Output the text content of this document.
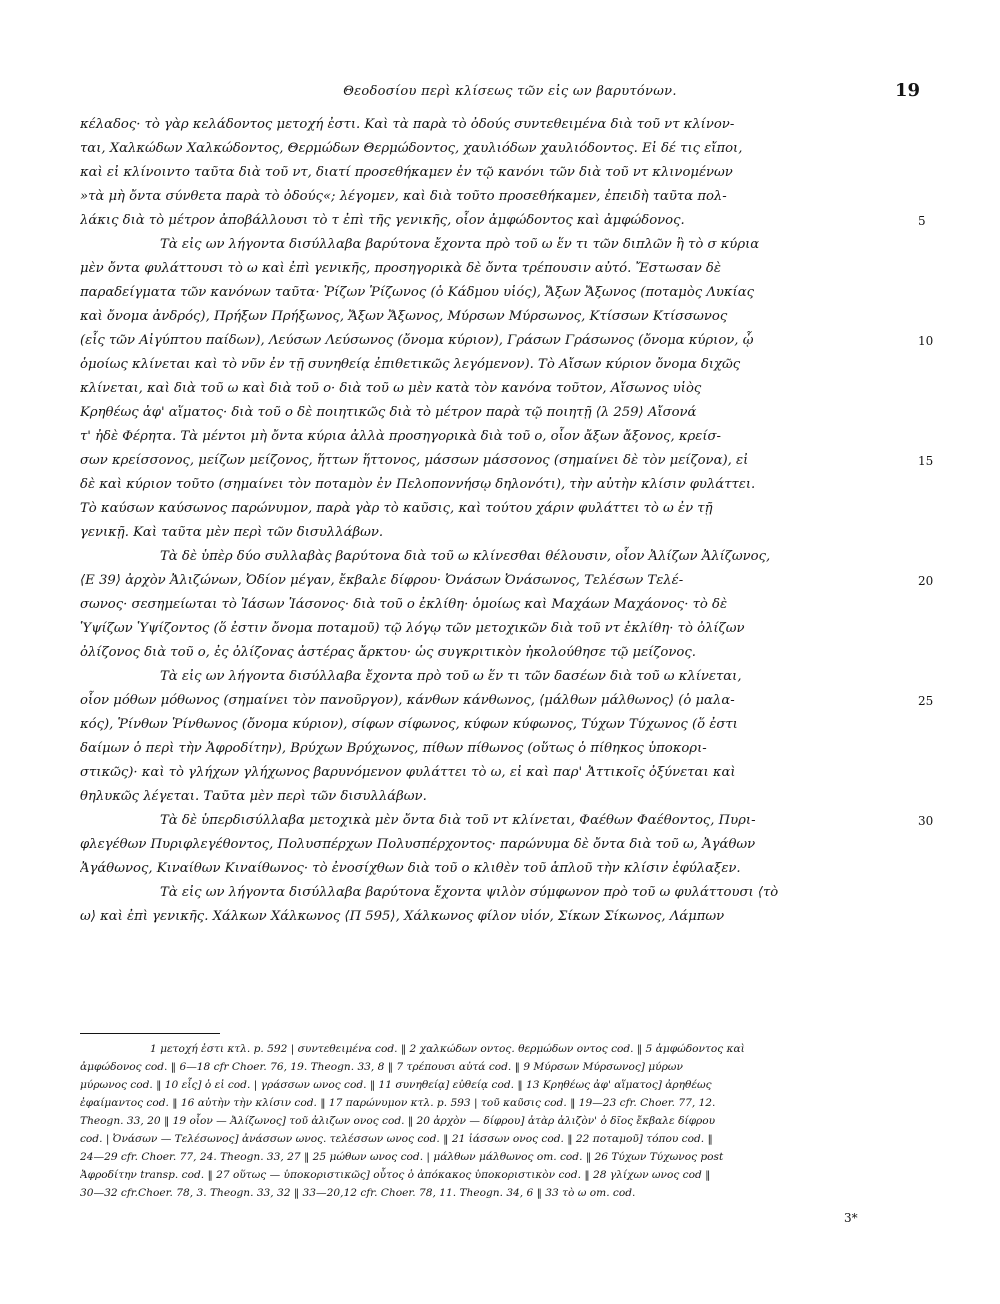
Θεοδοσίου περὶ κλίσεως τῶν εἰς ων βαρυτόνων.	19
κέλαδος· τὸ γὰρ κελάδοντος μετοχή ἐστι. Καὶ τὰ παρὰ τὸ ὀδούς συντεθειμένα διὰ τοῦ ντ κλίνον-
ται, Χαλκώδων Χαλκώδοντος, Θερμώδων Θερμώδοντος, χαυλιόδων χαυλιόδοντος. Εἰ δέ τις εἴποι,
καὶ εἰ κλίνοιντο ταῦτα διὰ τοῦ ντ, διατί προσεθήκαμεν ἐν τῷ κανόνι τῶν διὰ τοῦ ντ κλινομένων
»τὰ μὴ ὄντα σύνθετα παρὰ τὸ ὀδούς«; λέγομεν, καὶ διὰ τοῦτο προσεθήκαμεν, ἐπειδὴ ταῦτα πολ-
λάκις διὰ τὸ μέτρον ἀποβάλλουσι τὸ τ ἐπὶ τῆς γενικῆς, οἷον ἀμφώδοντος καὶ ἀμφώδονος.
Τὰ εἰς ων λήγοντα δισύλλαβα βαρύτονα ἔχοντα πρὸ τοῦ ω ἕν τι τῶν διπλῶν ἢ τὸ σ κύρια
μὲν ὄντα φυλάττουσι τὸ ω καὶ ἐπὶ γενικῆς, προσηγορικὰ δὲ ὄντα τρέπουσιν αὐτό. Ἔστωσαν δὲ
παραδείγματα τῶν κανόνων ταῦτα· Ῥίζων Ῥίζωνος (ὁ Κάδμου υἱός), Ἄξων Ἄξωνος (ποταμὸς Λυκίας
καὶ ὄνομα ἀνδρός), Πρήξων Πρήξωνος, Ἄξων Ἄξωνος, Μύρσων Μύρσωνος, Κτίσσων Κτίσσωνος
(εἷς τῶν Αἰγύπτου παίδων), Λεύσων Λεύσωνος (ὄνομα κύριον), Γράσων Γράσωνος (ὄνομα κύριον, ᾧ
ὁμοίως κλίνεται καὶ τὸ νῦν ἐν τῇ συνηθείᾳ ἐπιθετικῶς λεγόμενον). Τὸ Αἴσων κύριον ὄνομα διχῶς
κλίνεται, καὶ διὰ τοῦ ω καὶ διὰ τοῦ ο· διὰ τοῦ ω μὲν κατὰ τὸν κανόνα τοῦτον, Αἴσωνος υἱὸς
Κρηθέως ἀφ' αἵματος· διὰ τοῦ ο δὲ ποιητικῶς διὰ τὸ μέτρον παρὰ τῷ ποιητῇ ⟨λ 259⟩ Αἴσονά
τ' ἠδὲ Φέρητα. Τὰ μέντοι μὴ ὄντα κύρια ἀλλὰ προσηγορικὰ διὰ τοῦ ο, οἷον ἄξων ἄξονος, κρείσ-
σων κρείσσονος, μείζων μείζονος, ἥττων ἥττονος, μάσσων μάσσονος (σημαίνει δὲ τὸν μείζονα), εἰ
δὲ καὶ κύριον τοῦτο (σημαίνει τὸν ποταμὸν ἐν Πελοποννήσῳ δηλονότι), τὴν αὐτὴν κλίσιν φυλάττει.
Τὸ καύσων καύσωνος παρώνυμον, παρὰ γὰρ τὸ καῦσις, καὶ τούτου χάριν φυλάττει τὸ ω ἐν τῇ
γενικῇ. Καὶ ταῦτα μὲν περὶ τῶν δισυλλάβων.
Τὰ δὲ ὑπὲρ δύο συλλαβὰς βαρύτονα διὰ τοῦ ω κλίνεσθαι θέλουσιν, οἷον Ἀλίζων Ἀλίζωνος,
⟨Ε 39⟩ ἀρχὸν Ἀλιζώνων, Ὀδίον μέγαν, ἔκβαλε δίφρου· Ὀνάσων Ὀνάσωνος, Τελέσων Τελέ-
σωνος· σεσημείωται τὸ Ἰάσων Ἰάσονος· διὰ τοῦ ο ἐκλίθη· ὁμοίως καὶ Μαχάων Μαχάονος· τὸ δὲ
Ὑψίζων Ὑψίζοντος (ὅ ἐστιν ὄνομα ποταμοῦ) τῷ λόγῳ τῶν μετοχικῶν διὰ τοῦ ντ ἐκλίθη· τὸ ὀλίζων
ὀλίζονος διὰ τοῦ ο, ἐς ὀλίζονας ἀστέρας ἄρκτου· ὡς συγκριτικὸν ἠκολούθησε τῷ μείζονος.
Τὰ εἰς ων λήγοντα δισύλλαβα ἔχοντα πρὸ τοῦ ω ἕν τι τῶν δασέων διὰ τοῦ ω κλίνεται,
οἷον μόθων μόθωνος (σημαίνει τὸν πανοῦργον), κάνθων κάνθωνος, ⟨μάλθων μάλθωνος⟩ (ὁ μαλα-
κός), Ῥίνθων Ῥίνθωνος (ὄνομα κύριον), σίφων σίφωνος, κύφων κύφωνος, Τύχων Τύχωνος (ὅ ἐστι
δαίμων ὁ περὶ τὴν Ἀφροδίτην), Βρύχων Βρύχωνος, πίθων πίθωνος (οὕτως ὁ πίθηκος ὑποκορι-
στικῶς)· καὶ τὸ γλήχων γλήχωνος βαρυνόμενον φυλάττει τὸ ω, εἰ καὶ παρ' Ἀττικοῖς ὀξύνεται καὶ
θηλυκῶς λέγεται. Ταῦτα μὲν περὶ τῶν δισυλλάβων.
Τὰ δὲ ὑπερδισύλλαβα μετοχικὰ μὲν ὄντα διὰ τοῦ ντ κλίνεται, Φαέθων Φαέθοντος, Πυρι-
φλεγέθων Πυριφλεγέθοντος, Πολυσπέρχων Πολυσπέρχοντος· παρώνυμα δὲ ὄντα διὰ τοῦ ω, Ἀγάθων
Ἀγάθωνος, Κιναίθων Κιναίθωνος· τὸ ἐνοσίχθων διὰ τοῦ ο κλιθὲν τοῦ ἁπλοῦ τὴν κλίσιν ἐφύλαξεν.
Τὰ εἰς ων λήγοντα δισύλλαβα βαρύτονα ἔχοντα ψιλὸν σύμφωνον πρὸ τοῦ ω φυλάττουσι ⟨τὸ
ω⟩ καὶ ἐπὶ γενικῆς. Χάλκων Χάλκωνος ⟨Π 595⟩, Χάλκωνος φίλον υἱόν, Σίκων Σίκωνος, Λάμπων
5
10
15
20
25
30
1 μετοχή ἐστι κτλ. p. 592 | συντεθειμένα cod. ‖ 2 χαλκώδων οντος. θερμώδων οντος cod. ‖ 5 ἀμφώδοντος καὶ
ἀμφώδονος cod. ‖ 6—18 cfr Choer. 76, 19. Theogn. 33, 8 ‖ 7 τρέπουσι αὐτά cod. ‖ 9 Μύρσων Μύρσωνος] μύρων
μύρωνος cod. ‖ 10 εἷς] ὁ εἰ cod. | γράσσων ωνος cod. ‖ 11 συνηθείᾳ] εὐθείᾳ cod. ‖ 13 Κρηθέως ἀφ' αἵματος] ἀρηθέως
ἐφαίμαντος cod. ‖ 16 αὐτὴν τὴν κλίσιν cod. ‖ 17 παρώνυμον κτλ. p. 593 | τοῦ καῦσις cod. ‖ 19—23 cfr. Choer. 77, 12.
Theogn. 33, 20 ‖ 19 οἷον — Ἀλίζωνος] τοῦ ἀλιζων ονος cod. ‖ 20 ἀρχὸν — δίφρου] ἀτὰρ ἀλιζὸν' ὁ δῖος ἔκβαλε δίφρου
cod. | Ὀνάσων — Τελέσωνος] ἀνάσσων ωνος. τελέσσων ωνος cod. ‖ 21 ἰάσσων ονος cod. ‖ 22 ποταμοῦ] τόπου cod. ‖
24—29 cfr. Choer. 77, 24. Theogn. 33, 27 ‖ 25 μώθων ωνος cod. | μάλθων μάλθωνος om. cod. ‖ 26 Τύχων Τύχωνος post
Ἀφροδίτην transp. cod. ‖ 27 οὕτως — ὑποκοριστικῶς] οὗτος ὁ ἀπόκακος ὑποκοριστικὸν cod. ‖ 28 γλίχων ωνος cod ‖
30—32 cfr.Choer. 78, 3. Theogn. 33, 32 ‖ 33—20,12 cfr. Choer. 78, 11. Theogn. 34, 6 ‖ 33 τὸ ω om. cod.
3*
